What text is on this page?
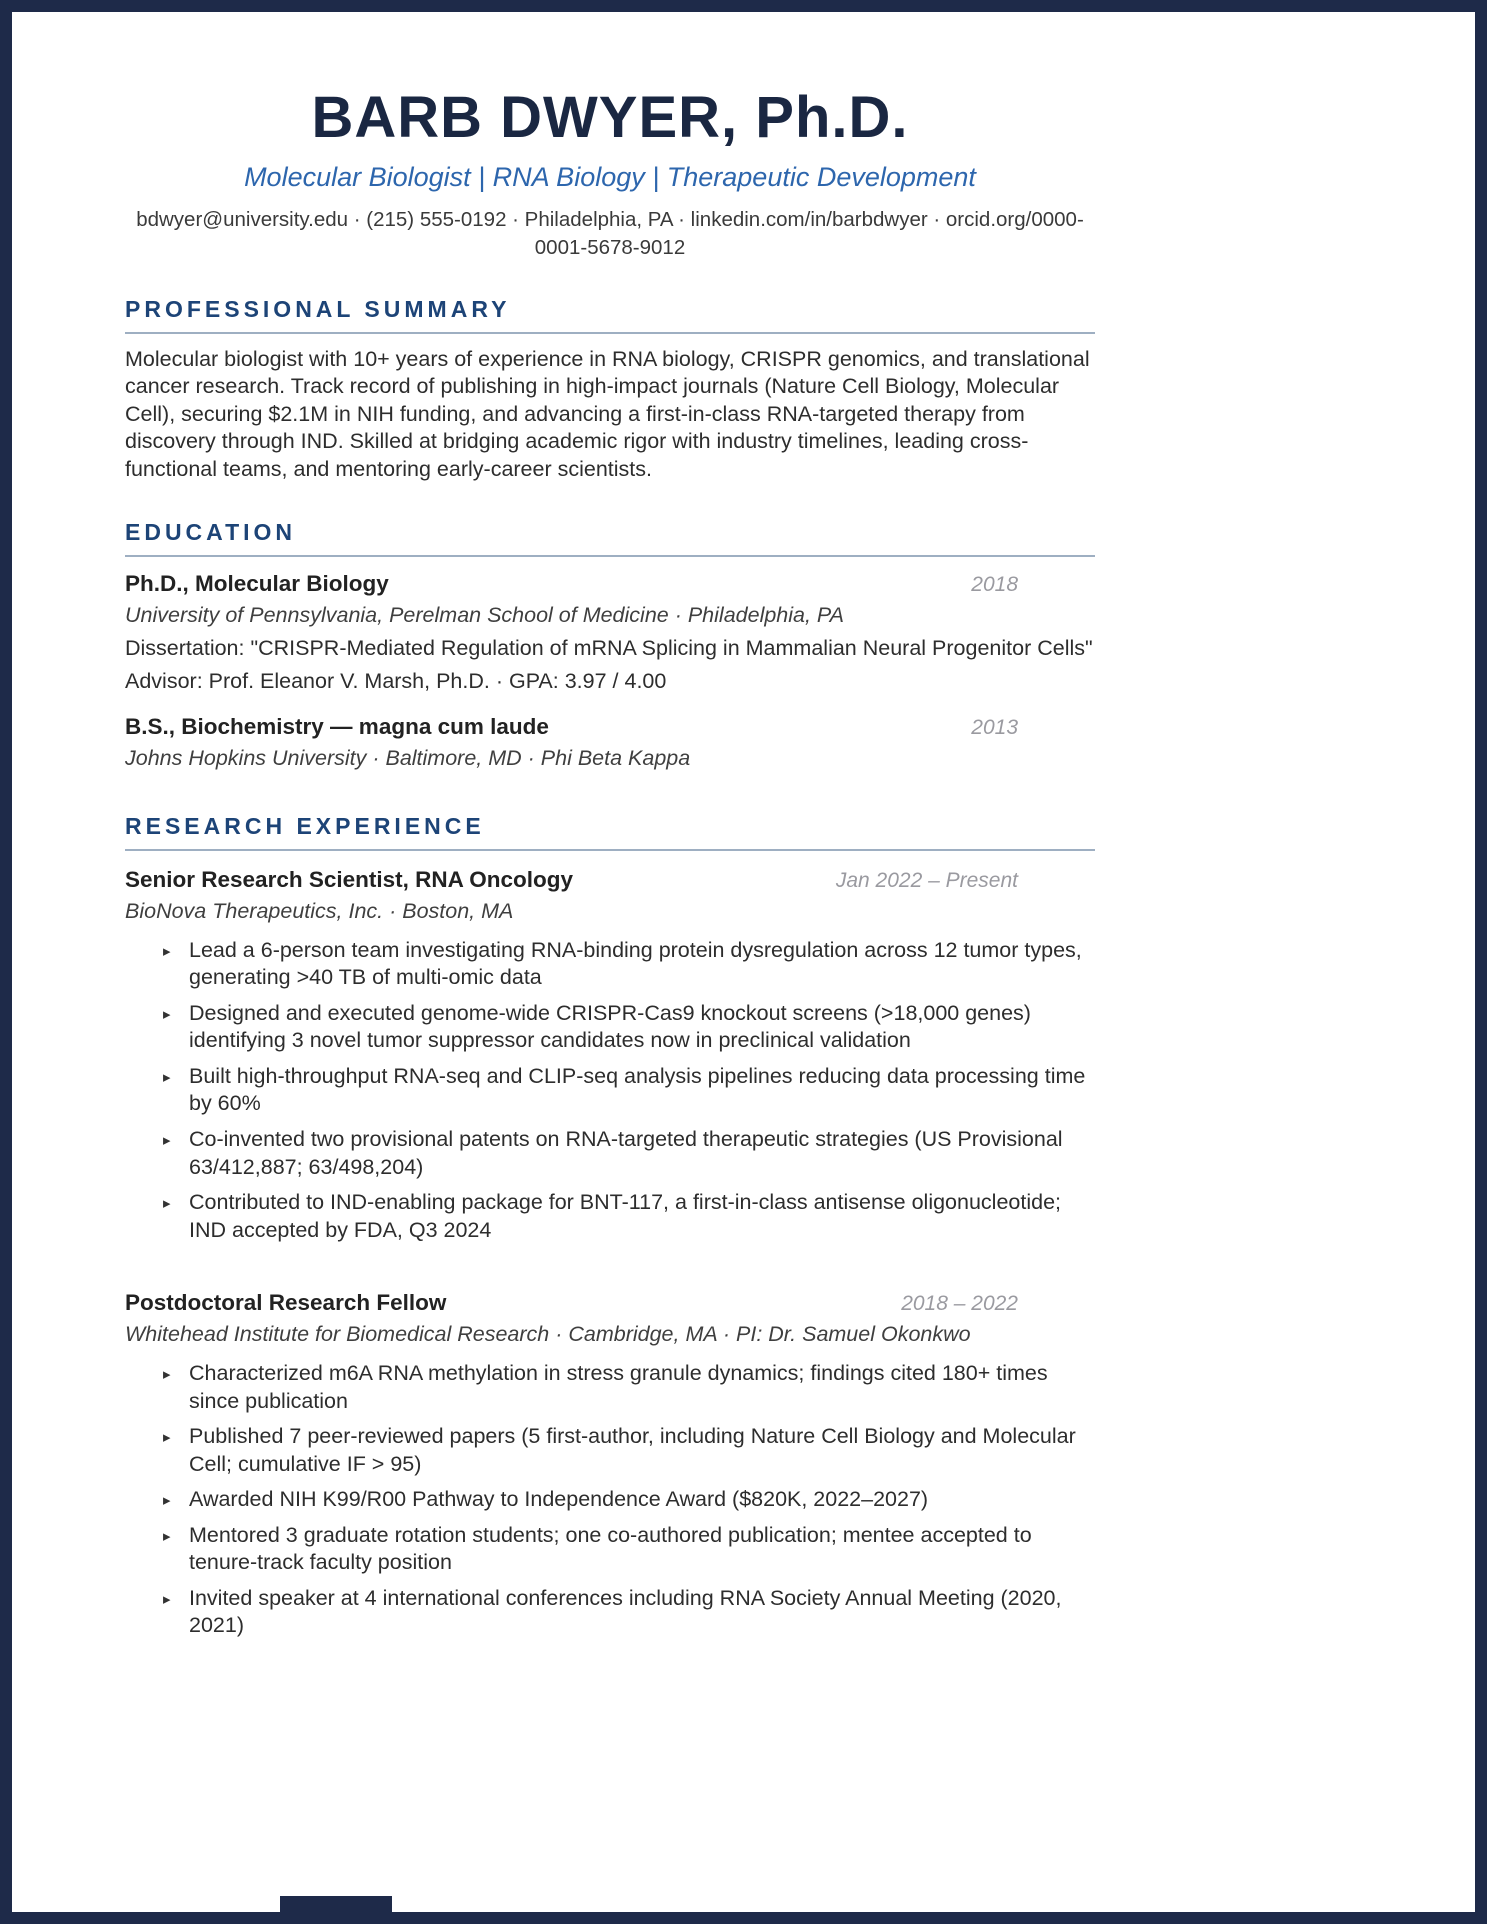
BARB DWYER, Ph.D.
Molecular Biologist | RNA Biology | Therapeutic Development
bdwyer@university.edu · (215) 555-0192 · Philadelphia, PA · linkedin.com/in/barbdwyer · orcid.org/0000-0001-5678-9012
PROFESSIONAL SUMMARY

Molecular biologist with 10+ years of experience in RNA biology, CRISPR genomics, and translational cancer research. Track record of publishing in high-impact journals (Nature Cell Biology, Molecular Cell), securing $2.1M in NIH funding, and advancing a first-in-class RNA-targeted therapy from discovery through IND. Skilled at bridging academic rigor with industry timelines, leading cross-functional teams, and mentoring early-career scientists.

EDUCATION
Ph.D., Molecular Biology	2018
University of Pennsylvania, Perelman School of Medicine · Philadelphia, PA
Dissertation: "CRISPR-Mediated Regulation of mRNA Splicing in Mammalian Neural Progenitor Cells"
Advisor: Prof. Eleanor V. Marsh, Ph.D. · GPA: 3.97 / 4.00
B.S., Biochemistry — magna cum laude	2013
Johns Hopkins University · Baltimore, MD · Phi Beta Kappa
RESEARCH EXPERIENCE
Senior Research Scientist, RNA Oncology	Jan 2022 – Present
BioNova Therapeutics, Inc. · Boston, MA
▸
Lead a 6-person team investigating RNA-binding protein dysregulation across 12 tumor types, generating >40 TB of multi-omic data
▸
Designed and executed genome-wide CRISPR-Cas9 knockout screens (>18,000 genes) identifying 3 novel tumor suppressor candidates now in preclinical validation
▸
Built high-throughput RNA-seq and CLIP-seq analysis pipelines reducing data processing time by 60%
▸
Co-invented two provisional patents on RNA-targeted therapeutic strategies (US Provisional 63/412,887; 63/498,204)
▸
Contributed to IND-enabling package for BNT-117, a first-in-class antisense oligonucleotide; IND accepted by FDA, Q3 2024
Postdoctoral Research Fellow	2018 – 2022
Whitehead Institute for Biomedical Research · Cambridge, MA · PI: Dr. Samuel Okonkwo
▸
Characterized m6A RNA methylation in stress granule dynamics; findings cited 180+ times since publication
▸
Published 7 peer-reviewed papers (5 first-author, including Nature Cell Biology and Molecular Cell; cumulative IF > 95)
▸
Awarded NIH K99/R00 Pathway to Independence Award ($820K, 2022–2027)
▸
Mentored 3 graduate rotation students; one co-authored publication; mentee accepted to tenure-track faculty position
▸
Invited speaker at 4 international conferences including RNA Society Annual Meeting (2020, 2021)
